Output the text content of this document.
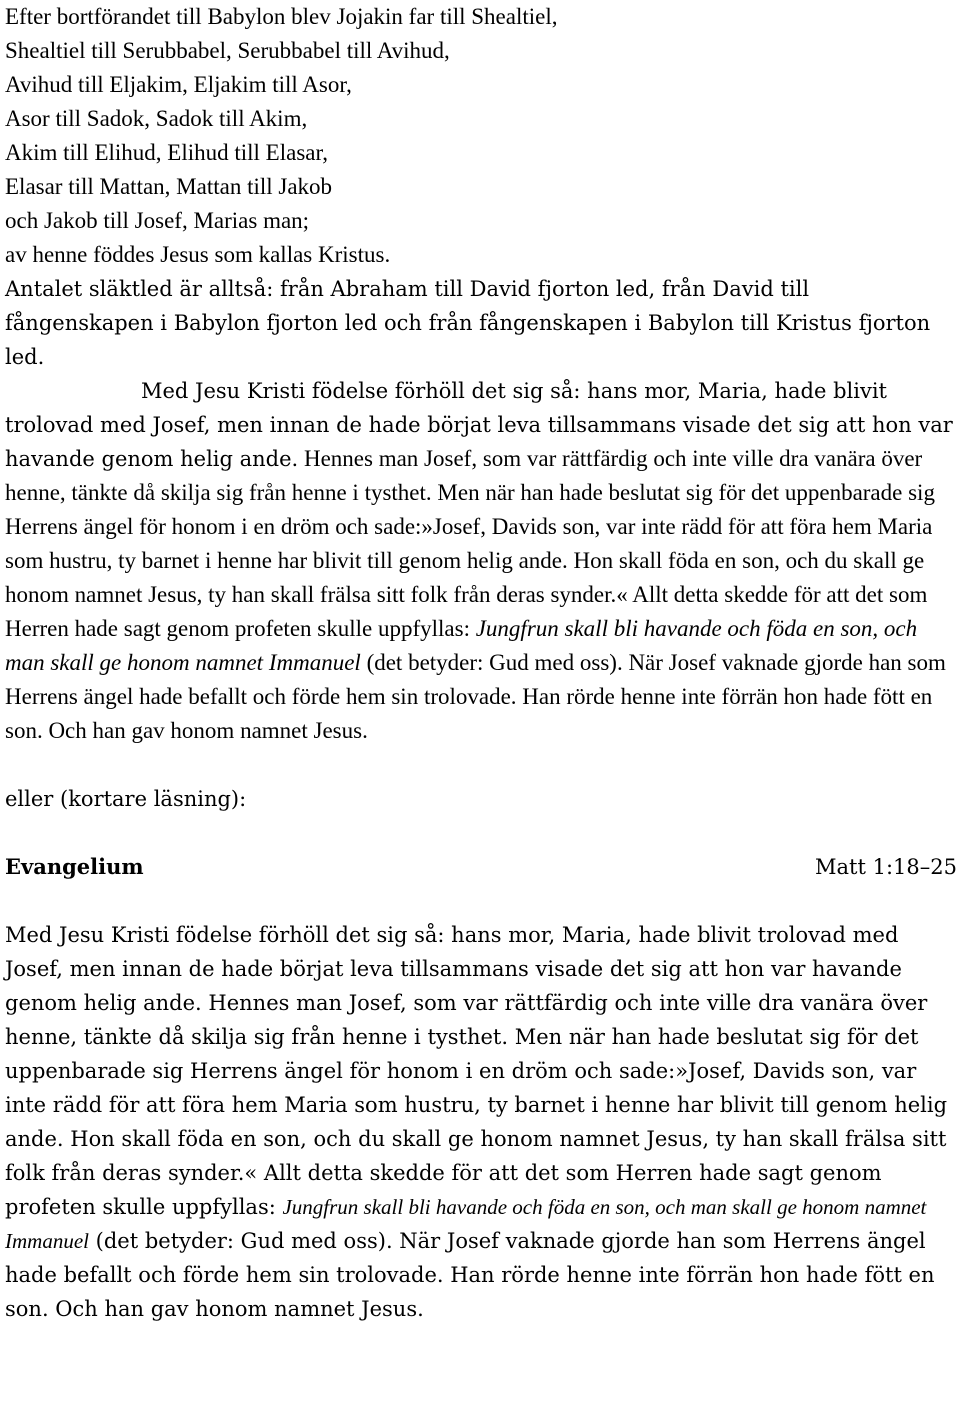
Efter bortförandet till Babylon blev Jojakin far till Shealtiel,
Shealtiel till Serubbabel, Serubbabel till Avihud,
Avihud till Eljakim, Eljakim till Asor,
Asor till Sadok, Sadok till Akim,
Akim till Elihud, Elihud till Elasar,
Elasar till Mattan, Mattan till Jakob
och Jakob till Josef, Marias man;
av henne föddes Jesus som kallas Kristus.

Antalet släktled är alltså: från Abraham till David fjorton led, från David till fångenskapen i Babylon fjorton led och från fångenskapen i Babylon till Kristus fjorton led.

Med Jesu Kristi födelse förhöll det sig så: hans mor, Maria, hade blivit trolovad med Josef, men innan de hade börjat leva tillsammans visade det sig att hon var havande genom helig ande. Hennes man Josef, som var rättfärdig och inte ville dra vanära över henne, tänkte då skilja sig från henne i tysthet. Men när han hade beslutat sig för det uppenbarade sig Herrens ängel för honom i en dröm och sade:»Josef, Davids son, var inte rädd för att föra hem Maria som hustru, ty barnet i henne har blivit till genom helig ande. Hon skall föda en son, och du skall ge honom namnet Jesus, ty han skall frälsa sitt folk från deras synder.« Allt detta skedde för att det som Herren hade sagt genom profeten skulle uppfyllas: Jungfrun skall bli havande och föda en son, och man skall ge honom namnet Immanuel (det betyder: Gud med oss). När Josef vaknade gjorde han som Herrens ängel hade befallt och förde hem sin trolovade. Han rörde henne inte förrän hon hade fött en son. Och han gav honom namnet Jesus.

eller (kortare läsning):

Evangelium	Matt 1:18–25

Med Jesu Kristi födelse förhöll det sig så: hans mor, Maria, hade blivit trolovad med Josef, men innan de hade börjat leva tillsammans visade det sig att hon var havande genom helig ande. Hennes man Josef, som var rättfärdig och inte ville dra vanära över henne, tänkte då skilja sig från henne i tysthet. Men när han hade beslutat sig för det uppenbarade sig Herrens ängel för honom i en dröm och sade:»Josef, Davids son, var inte rädd för att föra hem Maria som hustru, ty barnet i henne har blivit till genom helig ande. Hon skall föda en son, och du skall ge honom namnet Jesus, ty han skall frälsa sitt folk från deras synder.« Allt detta skedde för att det som Herren hade sagt genom profeten skulle uppfyllas: Jungfrun skall bli havande och föda en son, och man skall ge honom namnet Immanuel (det betyder: Gud med oss). När Josef vaknade gjorde han som Herrens ängel hade befallt och förde hem sin trolovade. Han rörde henne inte förrän hon hade fött en son. Och han gav honom namnet Jesus.
